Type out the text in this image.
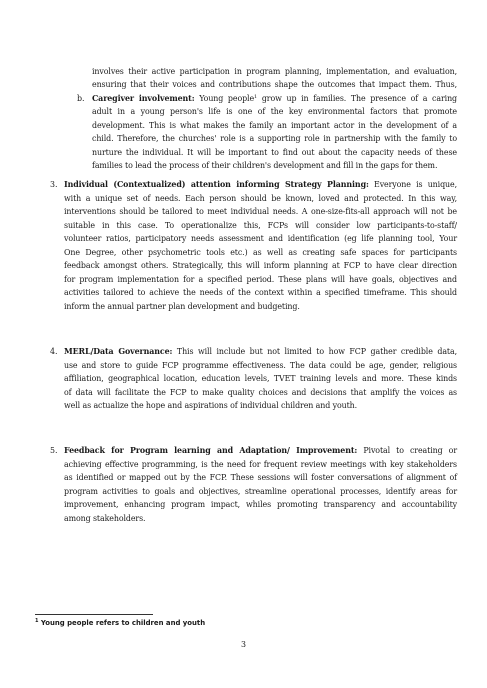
involves their active participation in program planning, implementation, and evaluation,
ensuring that their voices and contributions shape the outcomes that impact them. Thus,
b. Caregiver involvement: Young people$^1$ grow up in families. The presence of a caring
adult in a young person's life is one of the key environmental factors that promote
development. This is what makes the family an important actor in the development of a
child. Therefore, the churches' role is a supporting role in partnership with the family to
nurture the individual. It will be important to find out about the capacity needs of these
families to lead the process of their children's development and fill in the gaps for them.
3. Individual (Contextualized) attention informing Strategy Planning: Everyone is unique,
with a unique set of needs. Each person should be known, loved and protected. In this way,
interventions should be tailored to meet individual needs. A one-size-fits-all approach will not be
suitable in this case. To operationalize this, FCPs will consider low participants-to-staff/
volunteer ratios, participatory needs assessment and identification (eg life planning tool, Your
One Degree, other psychometric tools etc.) as well as creating safe spaces for participants
feedback amongst others. Strategically, this will inform planning at FCP to have clear direction
for program implementation for a specified period. These plans will have goals, objectives and
activities tailored to achieve the needs of the context within a specified timeframe. This should
inform the annual partner plan development and budgeting.
4. MERL/Data Governance: This will include but not limited to how FCP gather credible data,
use and store to guide FCP programme effectiveness. The data could be age, gender, religious
affiliation, geographical location, education levels, TVET training levels and more. These kinds
of data will facilitate the FCP to make quality choices and decisions that amplify the voices as
well as actualize the hope and aspirations of individual children and youth.
5. Feedback for Program learning and Adaptation/ Improvement: Pivotal to creating or
achieving effective programming, is the need for frequent review meetings with key stakeholders
as identified or mapped out by the FCP. These sessions will foster conversations of alignment of
program activities to goals and objectives, streamline operational processes, identify areas for
improvement, enhancing program impact, whiles promoting transparency and accountability
among stakeholders.
$^1$ Young people refers to children and youth
3
